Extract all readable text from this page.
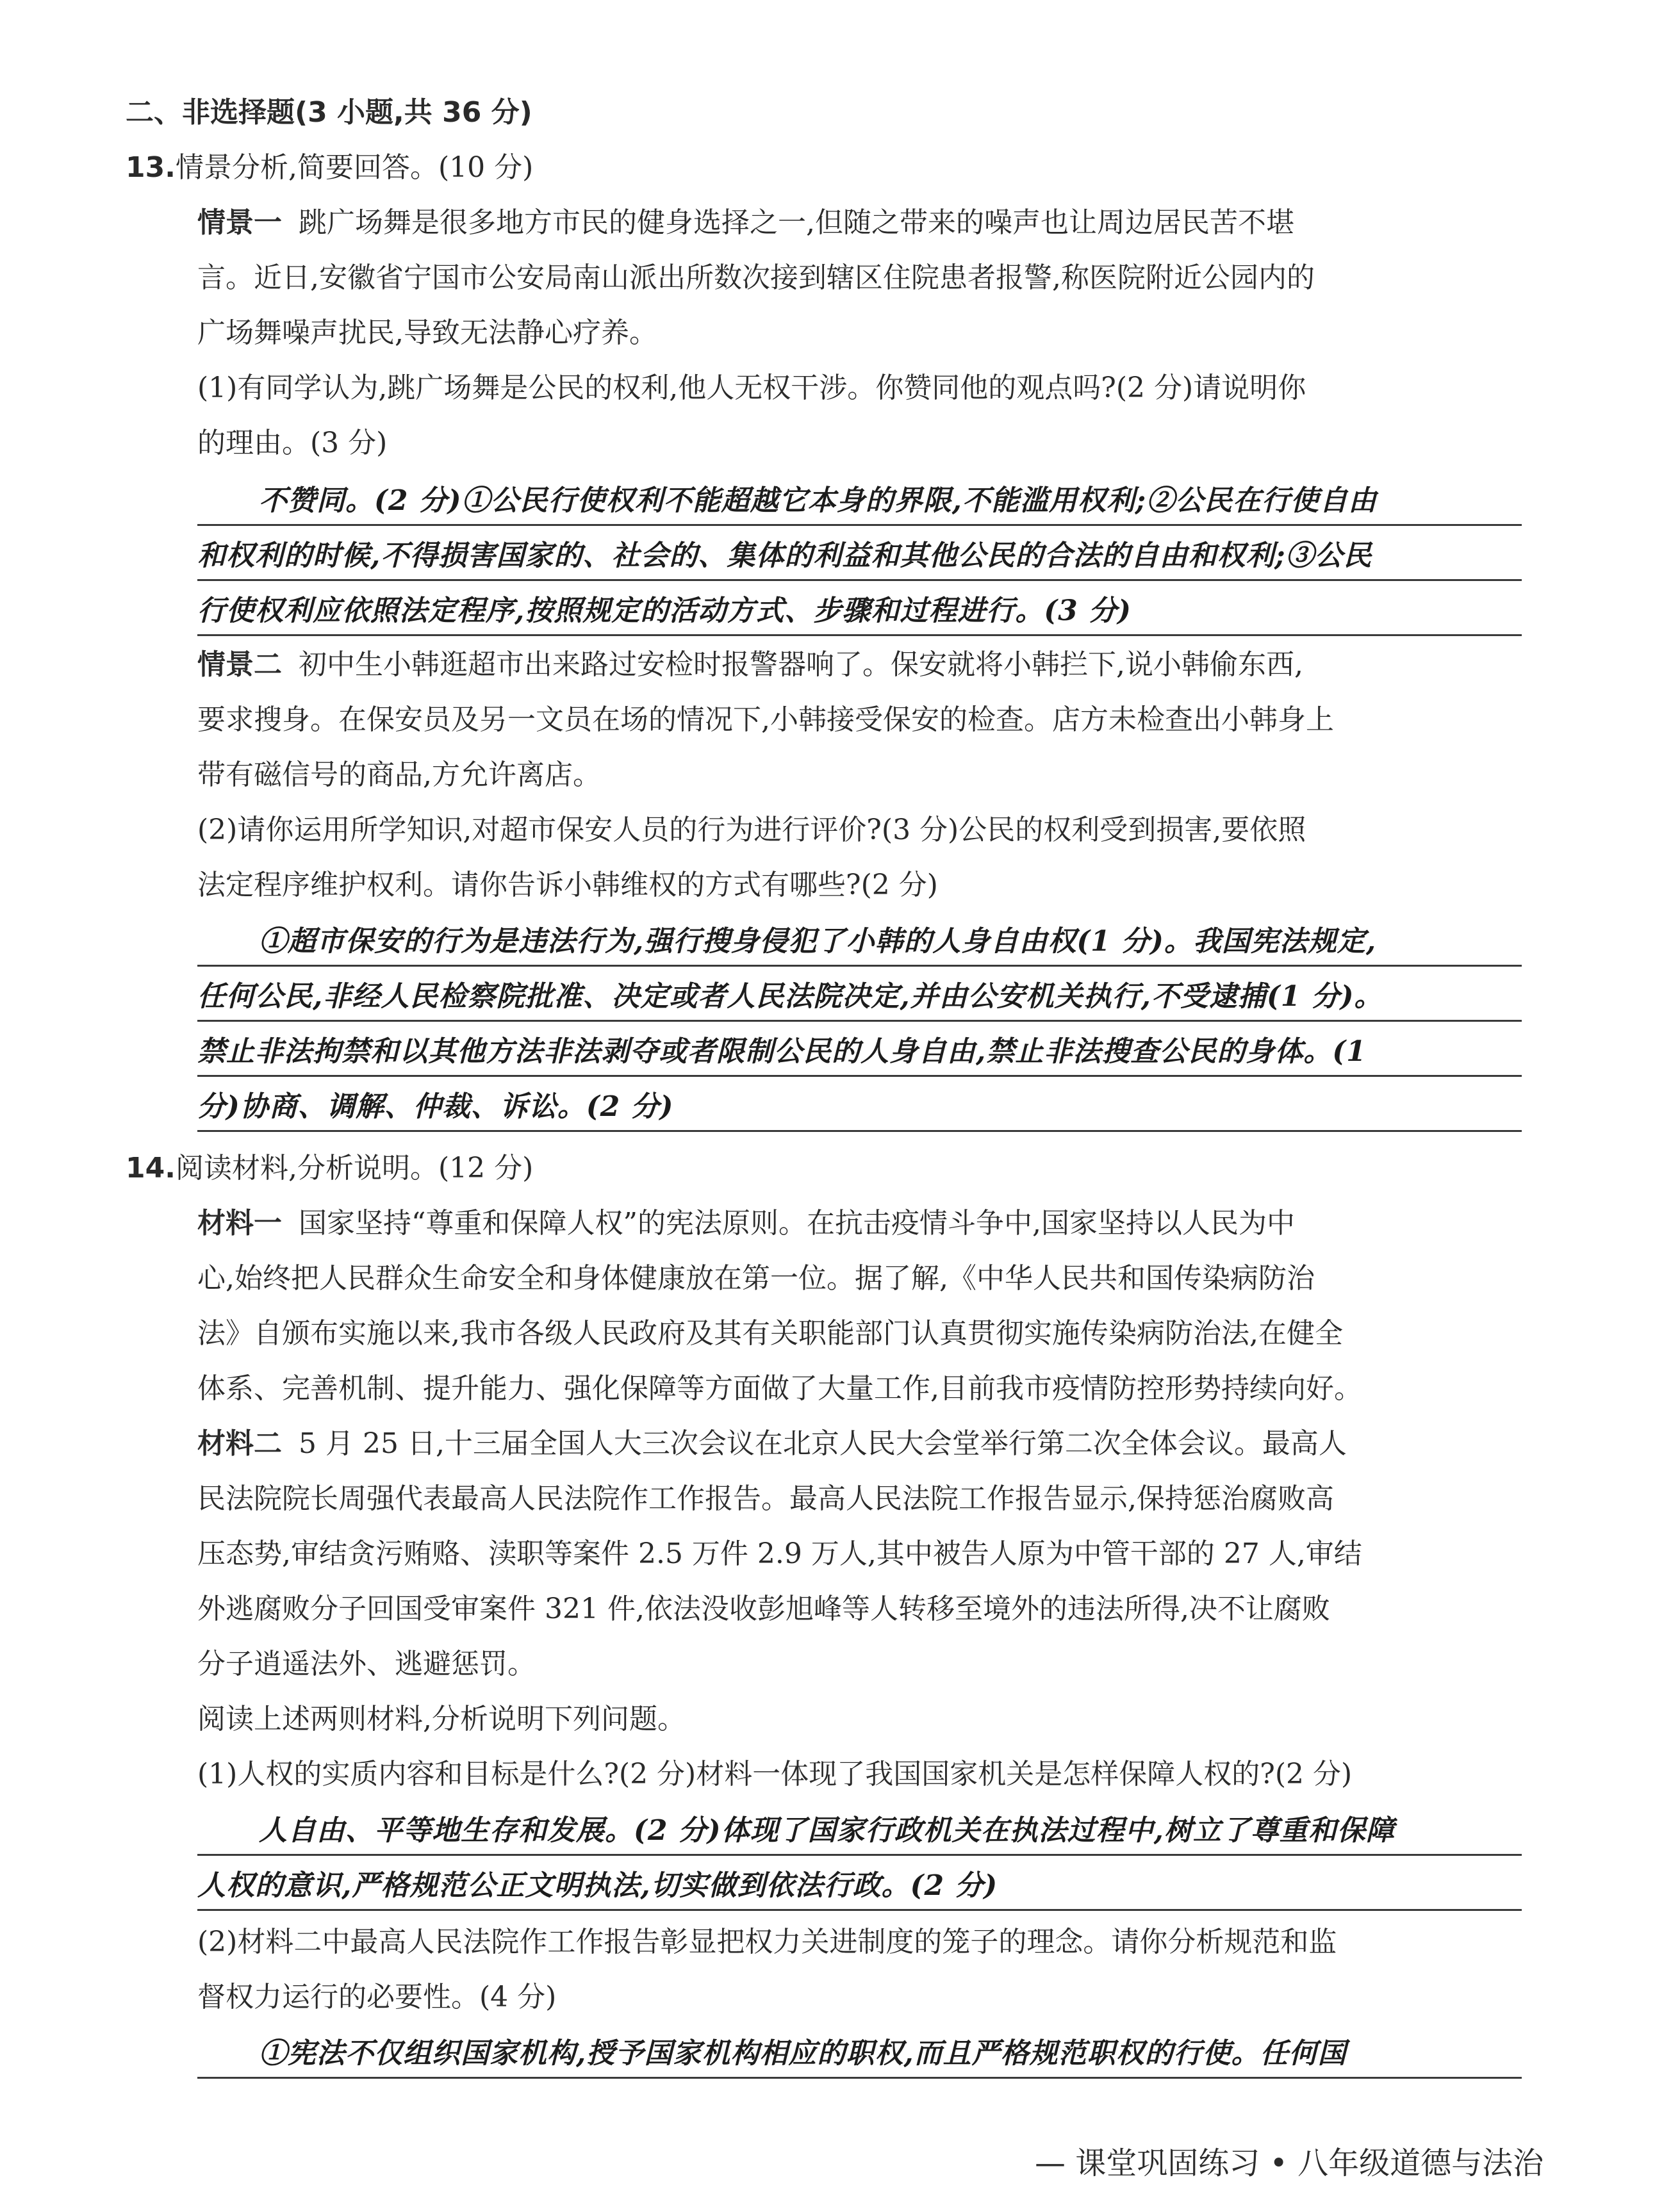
二、非选择题(3 小题,共 36 分)
13.情景分析,简要回答。(10 分)
情景一 跳广场舞是很多地方市民的健身选择之一,但随之带来的噪声也让周边居民苦不堪
言。近日,安徽省宁国市公安局南山派出所数次接到辖区住院患者报警,称医院附近公园内的
广场舞噪声扰民,导致无法静心疗养。
(1)有同学认为,跳广场舞是公民的权利,他人无权干涉。你赞同他的观点吗?(2 分)请说明你
的理由。(3 分)
不赞同。(2 分)①公民行使权利不能超越它本身的界限,不能滥用权利;②公民在行使自由
和权利的时候,不得损害国家的、社会的、集体的利益和其他公民的合法的自由和权利;③公民
行使权利应依照法定程序,按照规定的活动方式、步骤和过程进行。(3 分)
情景二 初中生小韩逛超市出来路过安检时报警器响了。保安就将小韩拦下,说小韩偷东西,
要求搜身。在保安员及另一文员在场的情况下,小韩接受保安的检查。店方未检查出小韩身上
带有磁信号的商品,方允许离店。
(2)请你运用所学知识,对超市保安人员的行为进行评价?(3 分)公民的权利受到损害,要依照
法定程序维护权利。请你告诉小韩维权的方式有哪些?(2 分)
①超市保安的行为是违法行为,强行搜身侵犯了小韩的人身自由权(1 分)。我国宪法规定,
任何公民,非经人民检察院批准、决定或者人民法院决定,并由公安机关执行,不受逮捕(1 分)。
禁止非法拘禁和以其他方法非法剥夺或者限制公民的人身自由,禁止非法搜查公民的身体。(1
分)协商、调解、仲裁、诉讼。(2 分)
14.阅读材料,分析说明。(12 分)
材料一 国家坚持“尊重和保障人权”的宪法原则。在抗击疫情斗争中,国家坚持以人民为中
心,始终把人民群众生命安全和身体健康放在第一位。据了解,《中华人民共和国传染病防治
法》自颁布实施以来,我市各级人民政府及其有关职能部门认真贯彻实施传染病防治法,在健全
体系、完善机制、提升能力、强化保障等方面做了大量工作,目前我市疫情防控形势持续向好。
材料二 5 月 25 日,十三届全国人大三次会议在北京人民大会堂举行第二次全体会议。最高人
民法院院长周强代表最高人民法院作工作报告。最高人民法院工作报告显示,保持惩治腐败高
压态势,审结贪污贿赂、渎职等案件 2.5 万件 2.9 万人,其中被告人原为中管干部的 27 人,审结
外逃腐败分子回国受审案件 321 件,依法没收彭旭峰等人转移至境外的违法所得,决不让腐败
分子逍遥法外、逃避惩罚。
阅读上述两则材料,分析说明下列问题。
(1)人权的实质内容和目标是什么?(2 分)材料一体现了我国国家机关是怎样保障人权的?(2 分)
人自由、平等地生存和发展。(2 分)体现了国家行政机关在执法过程中,树立了尊重和保障
人权的意识,严格规范公正文明执法,切实做到依法行政。(2 分)
(2)材料二中最高人民法院作工作报告彰显把权力关进制度的笼子的理念。请你分析规范和监
督权力运行的必要性。(4 分)
①宪法不仅组织国家机构,授予国家机构相应的职权,而且严格规范职权的行使。任何国
— 课堂巩固练习 • 八年级道德与法治
